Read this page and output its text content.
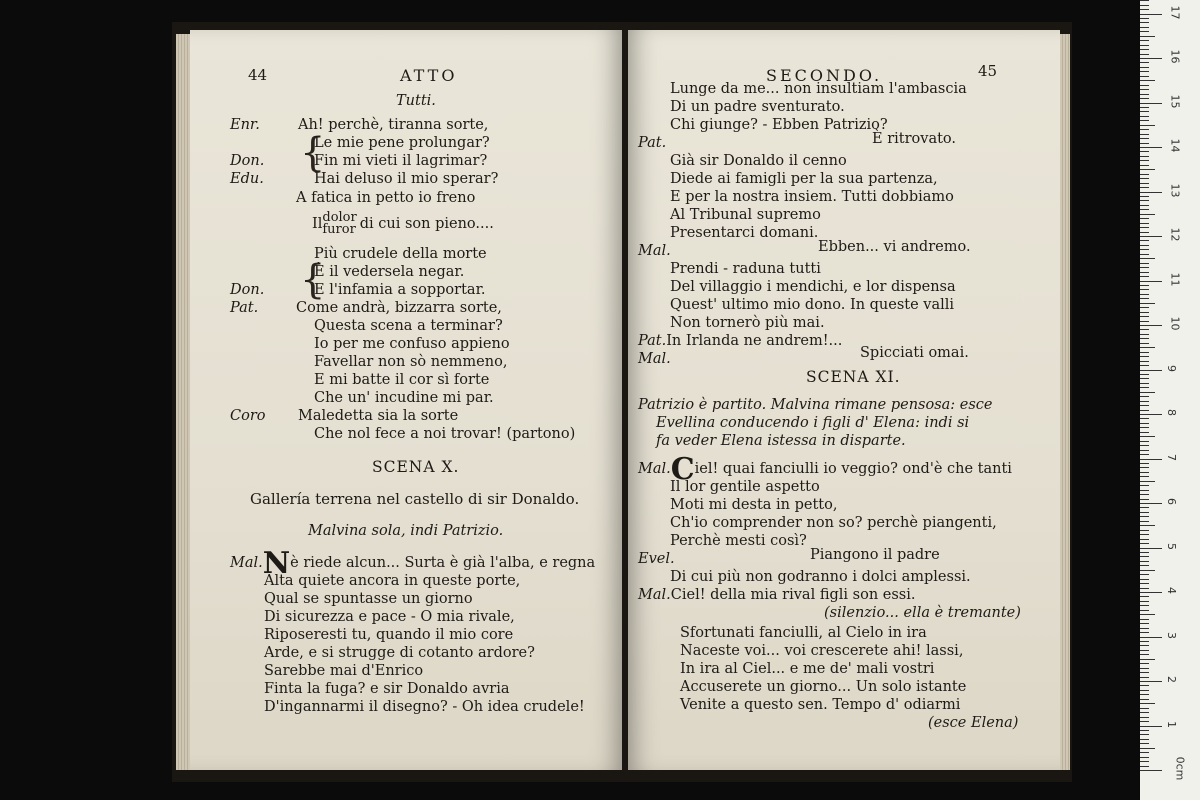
44	ATTO
Tutti.
Enr.	Ah! perchè, tiranna sorte,
{
Le mie pene prolungar?
Don.	Fin mi vieti il lagrimar?
Edu.	Hai deluso il mio sperar?
A fatica in petto io freno
Ildolor
furor di cui son pieno....
Più crudele della morte
{
È il vedersela negar.
Don.	E l'infamia a sopportar.
Pat.	Come andrà, bizzarra sorte,
Questa scena a terminar?
Io per me confuso appieno
Favellar non sò nemmeno,
E mi batte il cor sì forte
Che un' incudine mi par.
Coro Maledetta sia la sorte
Che nol fece a noi trovar! (partono)
SCENA X.
Gallería terrena nel castello di sir Donaldo.
Malvina sola, indi Patrizio.
Mal.Nè riede alcun... Surta è già l'alba, e regna
Alta quiete ancora in queste porte,
Qual se spuntasse un giorno
Di sicurezza e pace - O mia rivale,
Riposeresti tu, quando il mio core
Arde, e si strugge di cotanto ardore?
Sarebbe mai d'Enrico
Finta la fuga? e sir Donaldo avria
D'ingannarmi il disegno? - Oh idea crudele!
SECONDO.	45
Lunge da me... non insultiam l'ambascia
Di un padre sventurato.
Chi giunge? - Ebben Patrizio?
Pat.	È ritrovato.
Già sir Donaldo il cenno
Diede ai famigli per la sua partenza,
E per la nostra insiem. Tutti dobbiamo
Al Tribunal supremo
Presentarci domani.
Mal.	Ebben... vi andremo.
Prendi - raduna tutti
Del villaggio i mendichi, e lor dispensa
Quest' ultimo mio dono. In queste valli
Non tornerò più mai.
Pat.In Irlanda ne andrem!...
Mal.	Spicciati omai.
SCENA XI.
Patrizio è partito. Malvina rimane pensosa: esce
Evellina conducendo i figli d' Elena: indi si
fa veder Elena istessa in disparte.
Mal.Ciel! quai fanciulli io veggio? ond'è che tanti
Il lor gentile aspetto
Moti mi desta in petto,
Ch'io comprender non so? perchè piangenti,
Perchè mesti così?
Evel.	Piangono il padre
Di cui più non godranno i dolci amplessi.
Mal.Ciel! della mia rival figli son essi.
(silenzio... ella è tremante)
Sfortunati fanciulli, al Cielo in ira
Naceste voi... voi crescerete ahi! lassi,
In ira al Ciel... e me de' mali vostri
Accuserete un giorno... Un solo istante
Venite a questo sen. Tempo d' odiarmi
(esce Elena)
0cm
1
2
3
4
5
6
7
8
9
10
11
12
13
14
15
16
17
